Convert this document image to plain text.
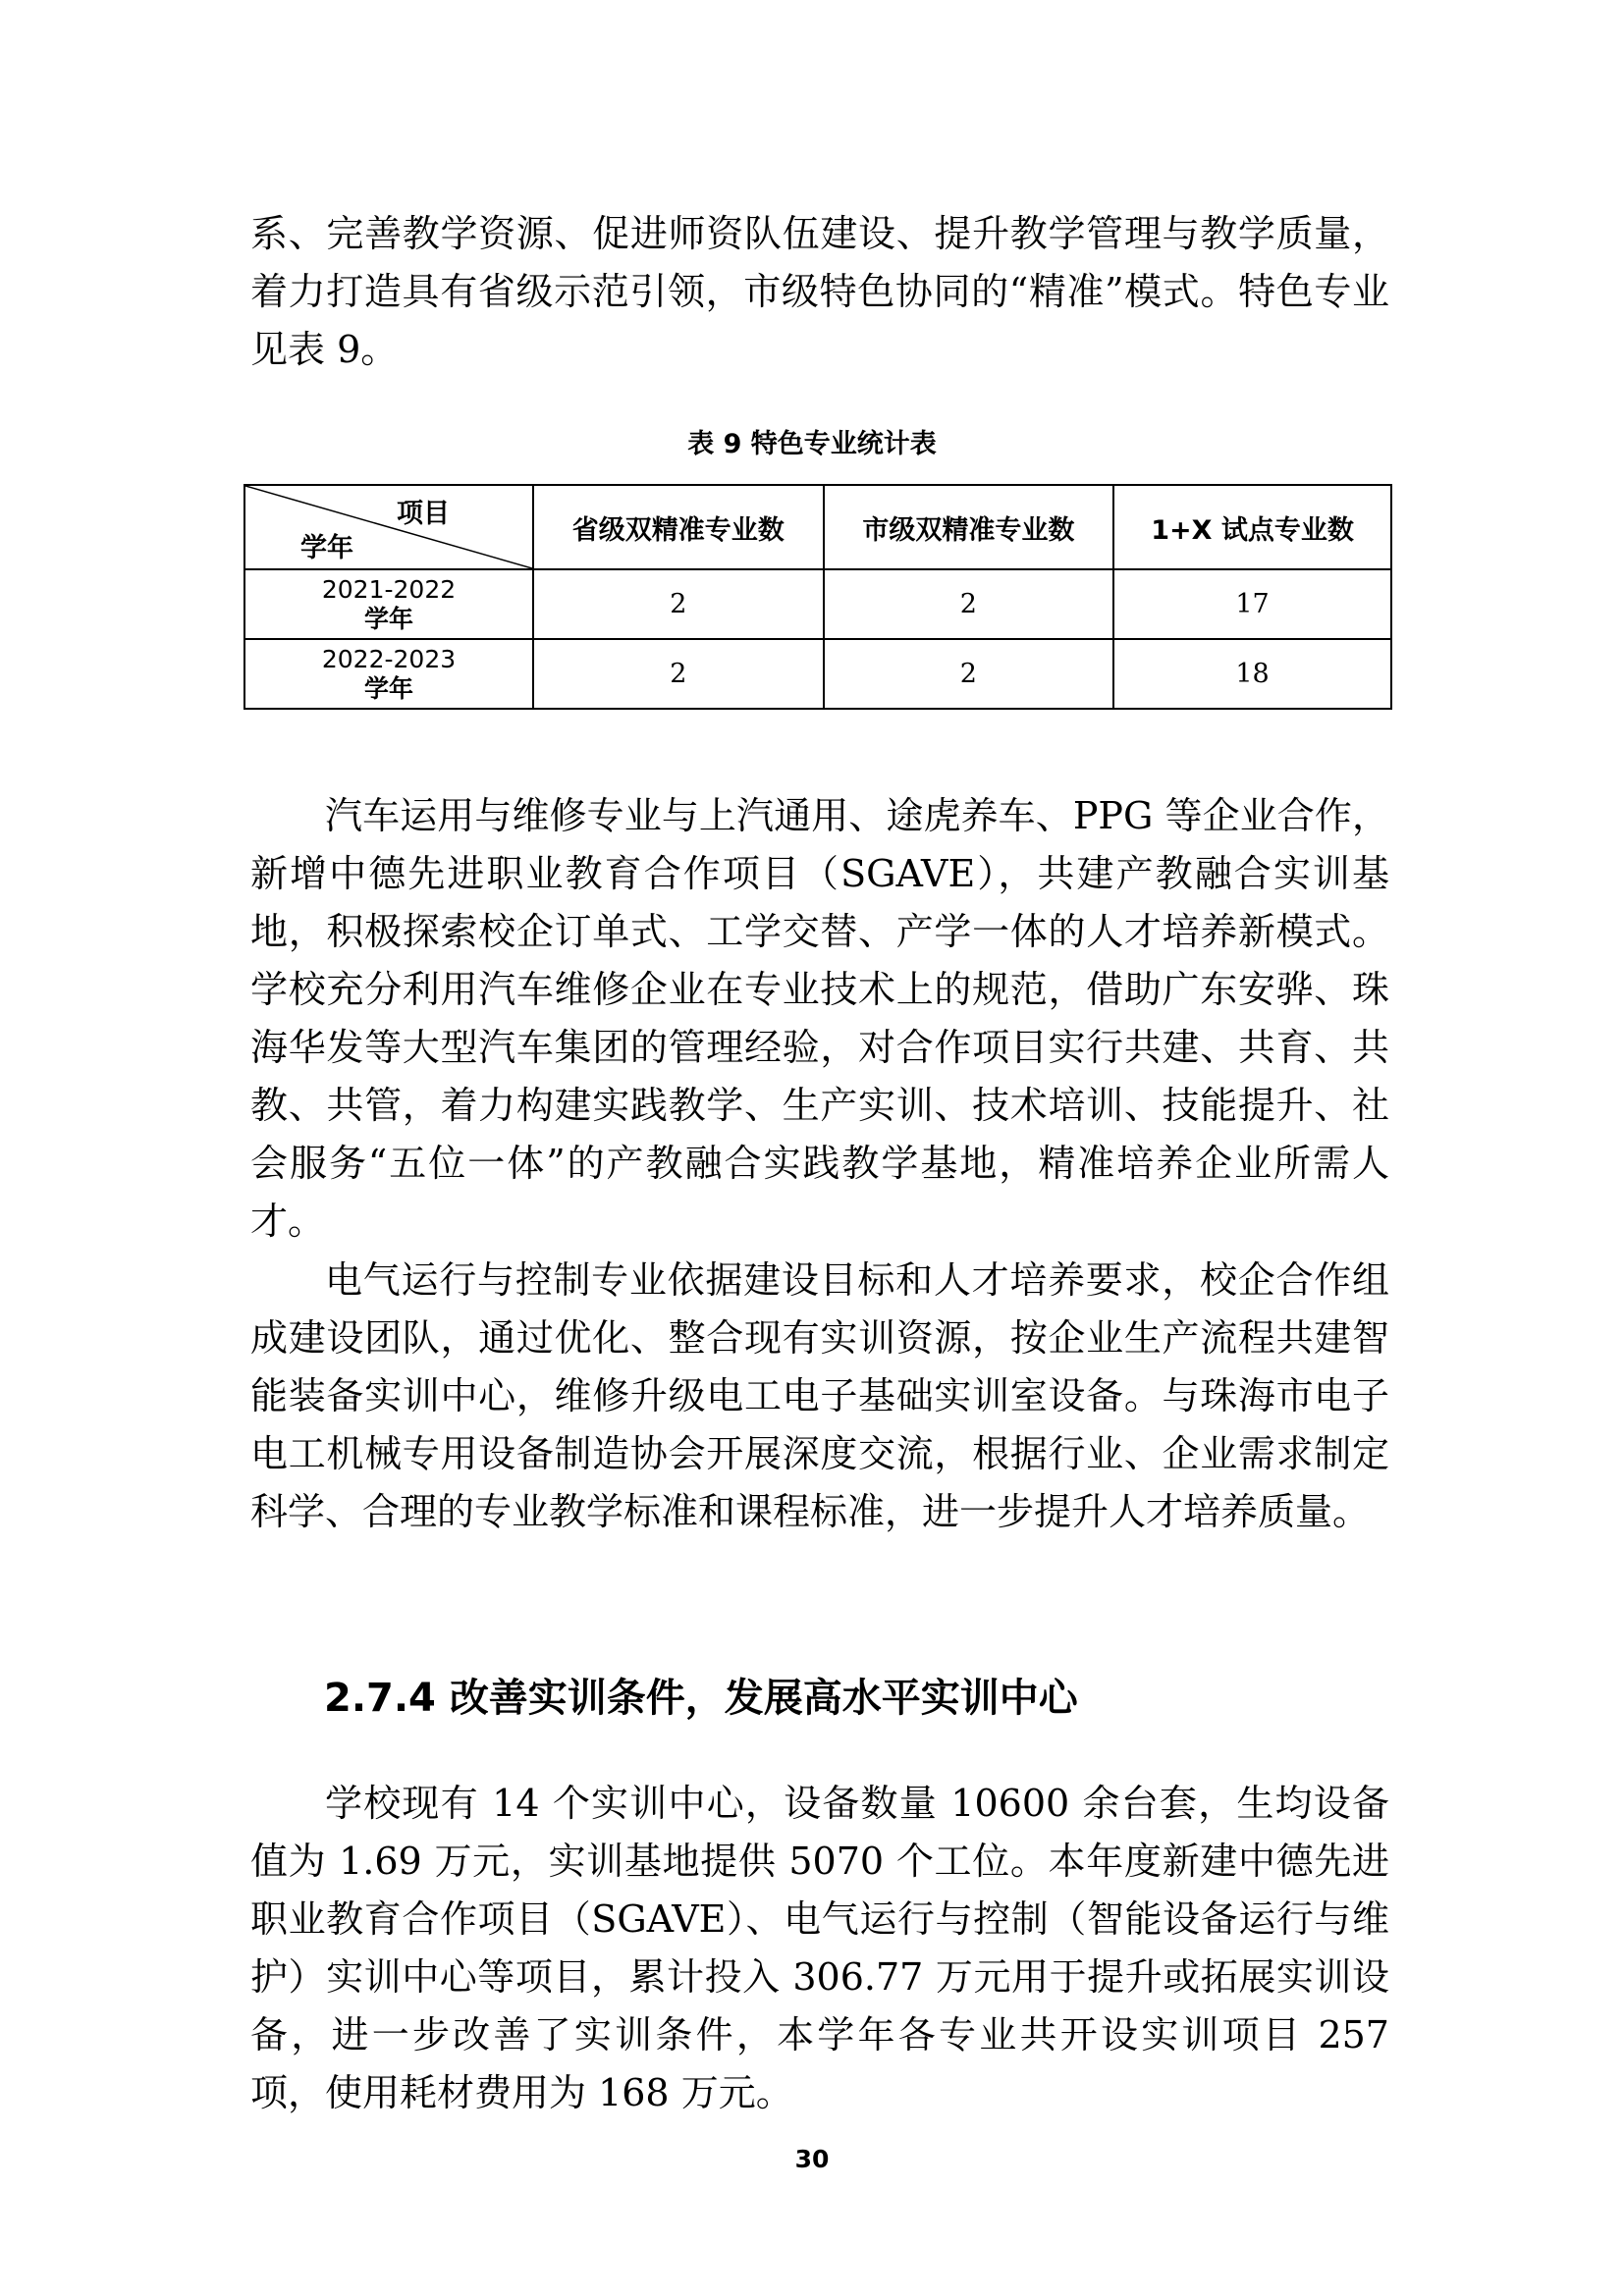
系、完善教学资源、促进师资队伍建设、提升教学管理与教学质量，着力打造具有省级示范引领，市级特色协同的“精准”模式。特色专业见表 9。

表 9 特色专业统计表
项目
学年	省级双精准专业数	市级双精准专业数	1+X 试点专业数

2021-2022
学年	2	2	17

2022-2023
学年	2	2	18

汽车运用与维修专业与上汽通用、途虎养车、PPG 等企业合作，新增中德先进职业教育合作项目（SGAVE），共建产教融合实训基地，积极探索校企订单式、工学交替、产学一体的人才培养新模式。学校充分利用汽车维修企业在专业技术上的规范，借助广东安骅、珠海华发等大型汽车集团的管理经验，对合作项目实行共建、共育、共教、共管，着力构建实践教学、生产实训、技术培训、技能提升、社会服务“五位一体”的产教融合实践教学基地，精准培养企业所需人才。

电气运行与控制专业依据建设目标和人才培养要求，校企合作组成建设团队，通过优化、整合现有实训资源，按企业生产流程共建智能装备实训中心，维修升级电工电子基础实训室设备。与珠海市电子电工机械专用设备制造协会开展深度交流，根据行业、企业需求制定科学、合理的专业教学标准和课程标准，进一步提升人才培养质量。

2.7.4 改善实训条件，发展高水平实训中心

学校现有 14 个实训中心，设备数量 10600 余台套，生均设备值为 1.69 万元，实训基地提供 5070 个工位。本年度新建中德先进职业教育合作项目（SGAVE）、电气运行与控制（智能设备运行与维护）实训中心等项目，累计投入 306.77 万元用于提升或拓展实训设备，进一步改善了实训条件，本学年各专业共开设实训项目 257 项，使用耗材费用为 168 万元。

30
